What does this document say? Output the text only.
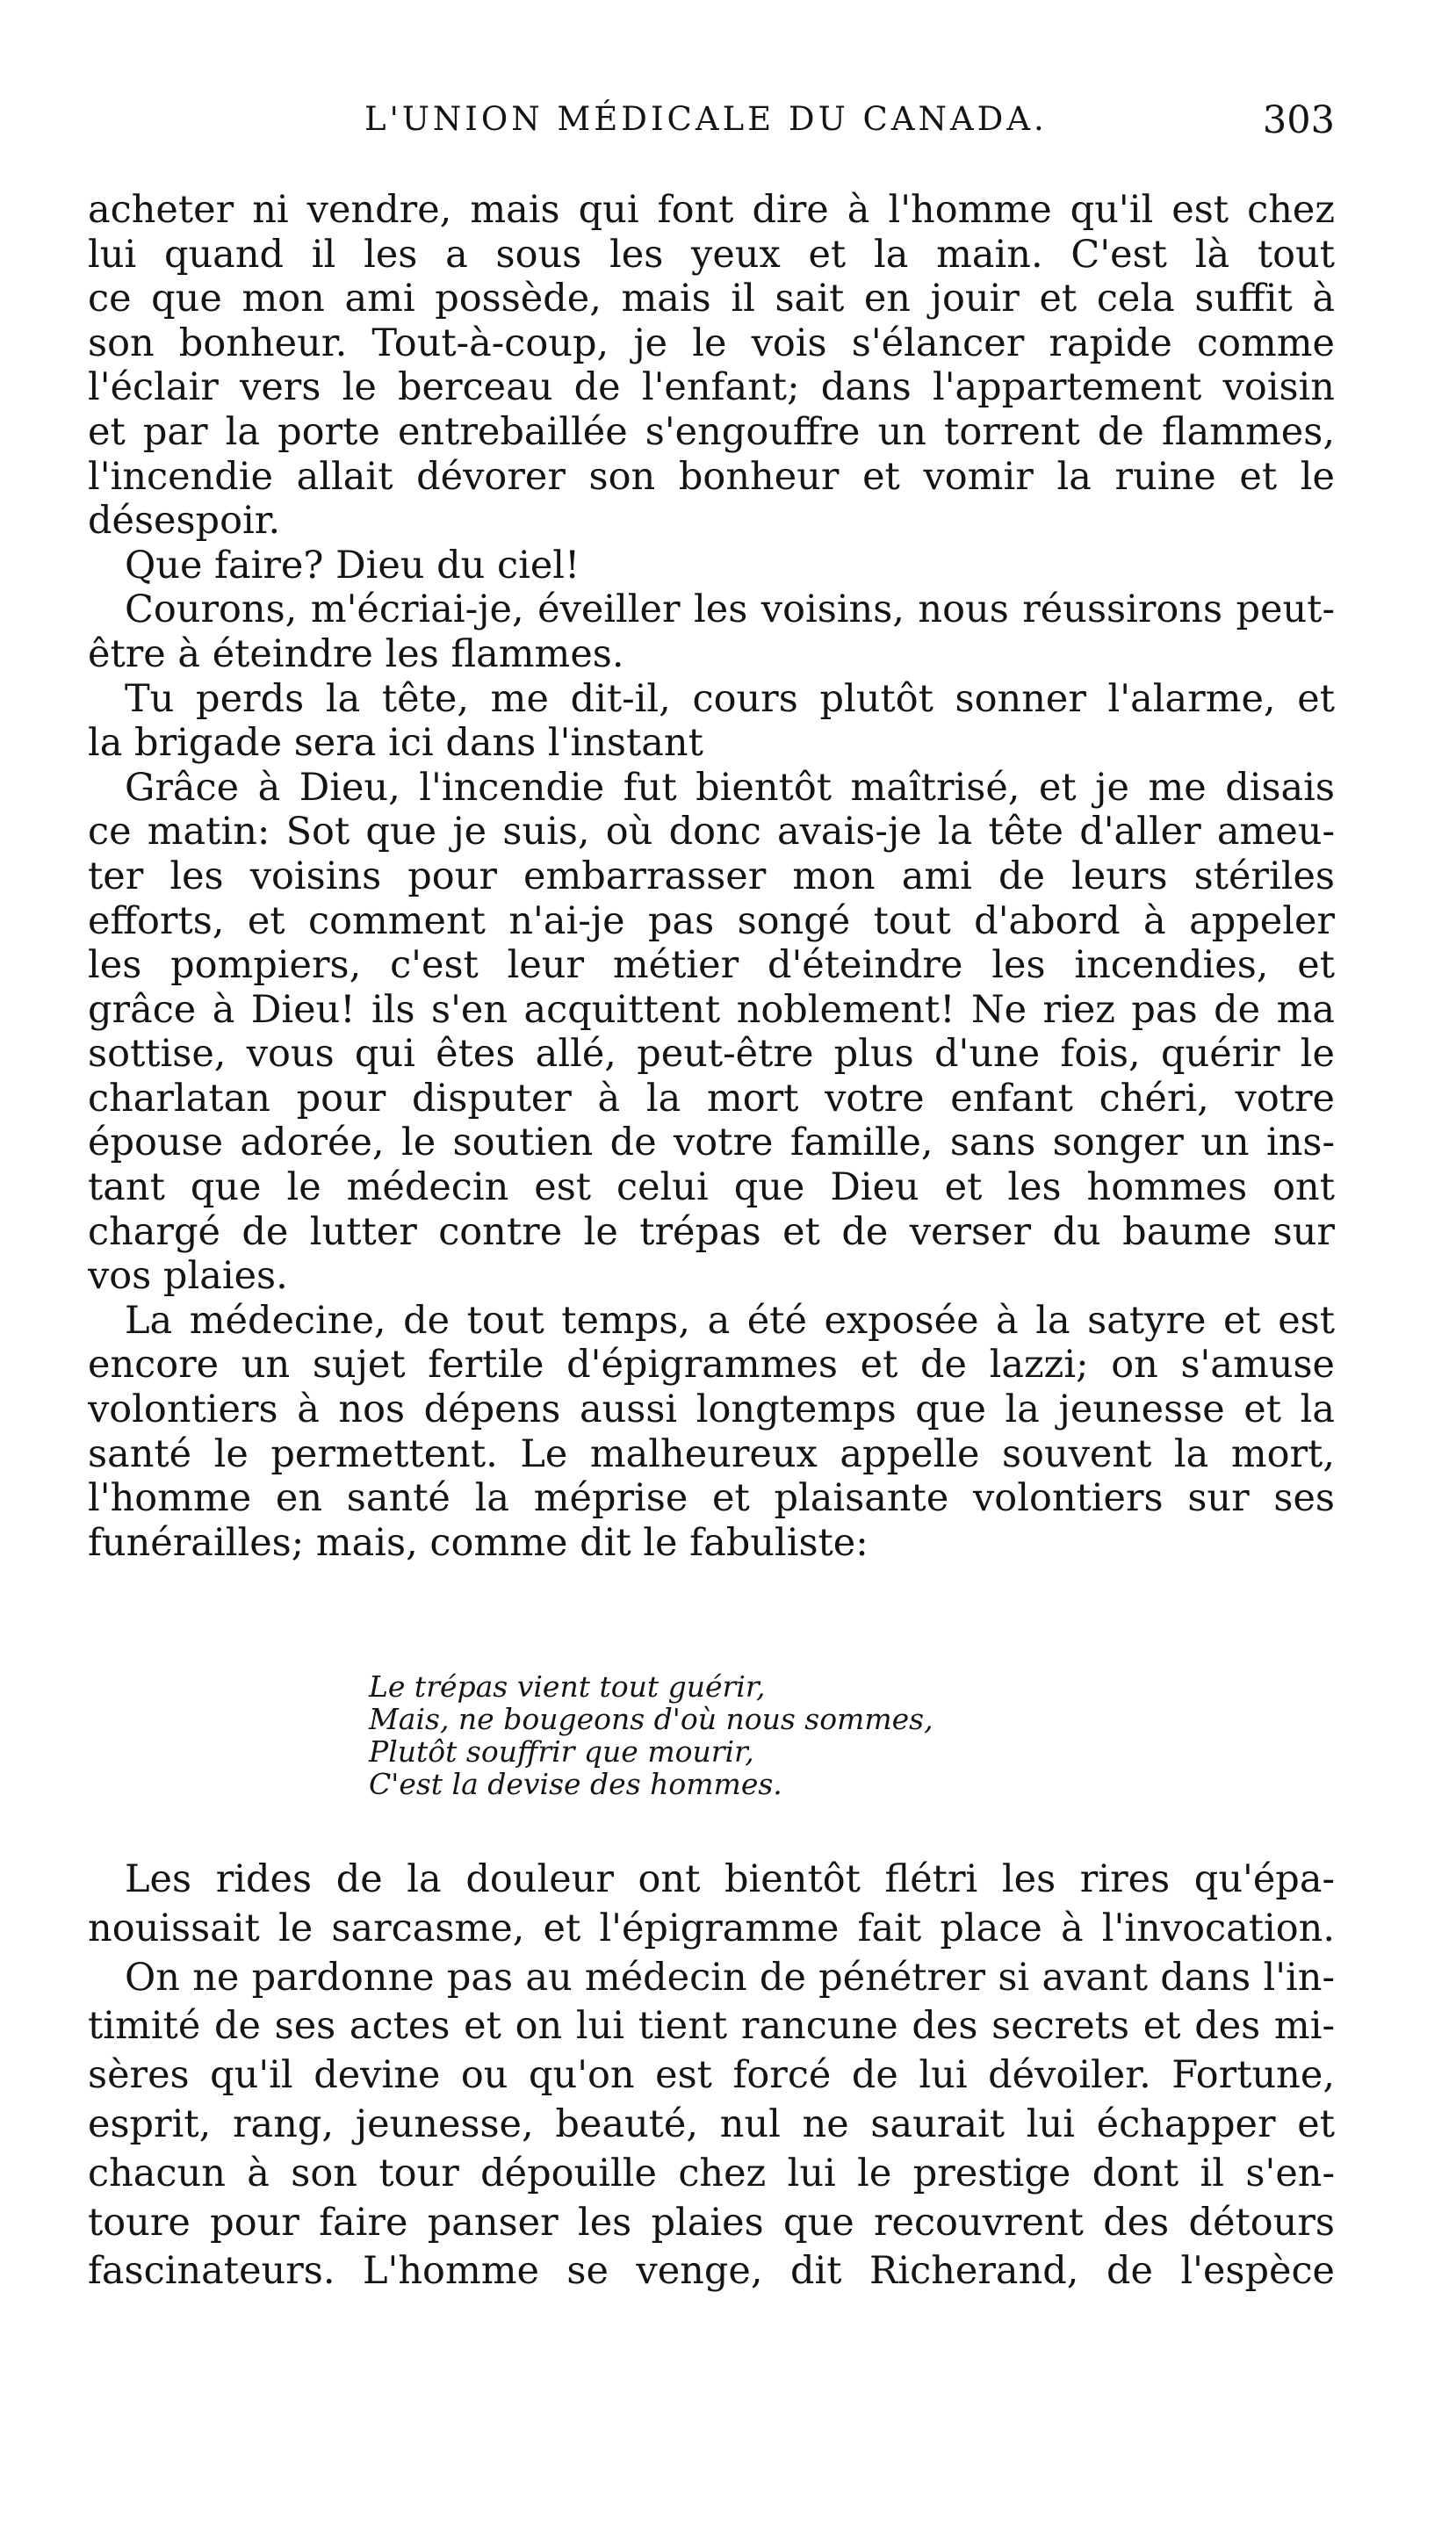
L'UNION MÉDICALE DU CANADA.	303
acheter ni vendre, mais qui font dire à l'homme qu'il est chez
lui quand il les a sous les yeux et la main. C'est là tout
ce que mon ami possède, mais il sait en jouir et cela suffit à
son bonheur. Tout-à-coup, je le vois s'élancer rapide comme
l'éclair vers le berceau de l'enfant; dans l'appartement voisin
et par la porte entrebaillée s'engouffre un torrent de flammes,
l'incendie allait dévorer son bonheur et vomir la ruine et le
désespoir.
Que faire? Dieu du ciel!
Courons, m'écriai-je, éveiller les voisins, nous réussirons peut-
être à éteindre les flammes.
Tu perds la tête, me dit-il, cours plutôt sonner l'alarme, et
la brigade sera ici dans l'instant
Grâce à Dieu, l'incendie fut bientôt maîtrisé, et je me disais
ce matin: Sot que je suis, où donc avais-je la tête d'aller ameu-
ter les voisins pour embarrasser mon ami de leurs stériles
efforts, et comment n'ai-je pas songé tout d'abord à appeler
les pompiers, c'est leur métier d'éteindre les incendies, et
grâce à Dieu! ils s'en acquittent noblement! Ne riez pas de ma
sottise, vous qui êtes allé, peut-être plus d'une fois, quérir le
charlatan pour disputer à la mort votre enfant chéri, votre
épouse adorée, le soutien de votre famille, sans songer un ins-
tant que le médecin est celui que Dieu et les hommes ont
chargé de lutter contre le trépas et de verser du baume sur
vos plaies.
La médecine, de tout temps, a été exposée à la satyre et est
encore un sujet fertile d'épigrammes et de lazzi; on s'amuse
volontiers à nos dépens aussi longtemps que la jeunesse et la
santé le permettent. Le malheureux appelle souvent la mort,
l'homme en santé la méprise et plaisante volontiers sur ses
funérailles; mais, comme dit le fabuliste:
Le trépas vient tout guérir,
Mais, ne bougeons d'où nous sommes,
Plutôt souffrir que mourir,
C'est la devise des hommes.
Les rides de la douleur ont bientôt flétri les rires qu'épa-
nouissait le sarcasme, et l'épigramme fait place à l'invocation.
On ne pardonne pas au médecin de pénétrer si avant dans l'in-
timité de ses actes et on lui tient rancune des secrets et des mi-
sères qu'il devine ou qu'on est forcé de lui dévoiler. Fortune,
esprit, rang, jeunesse, beauté, nul ne saurait lui échapper et
chacun à son tour dépouille chez lui le prestige dont il s'en-
toure pour faire panser les plaies que recouvrent des détours
fascinateurs. L'homme se venge, dit Richerand, de l'espèce
